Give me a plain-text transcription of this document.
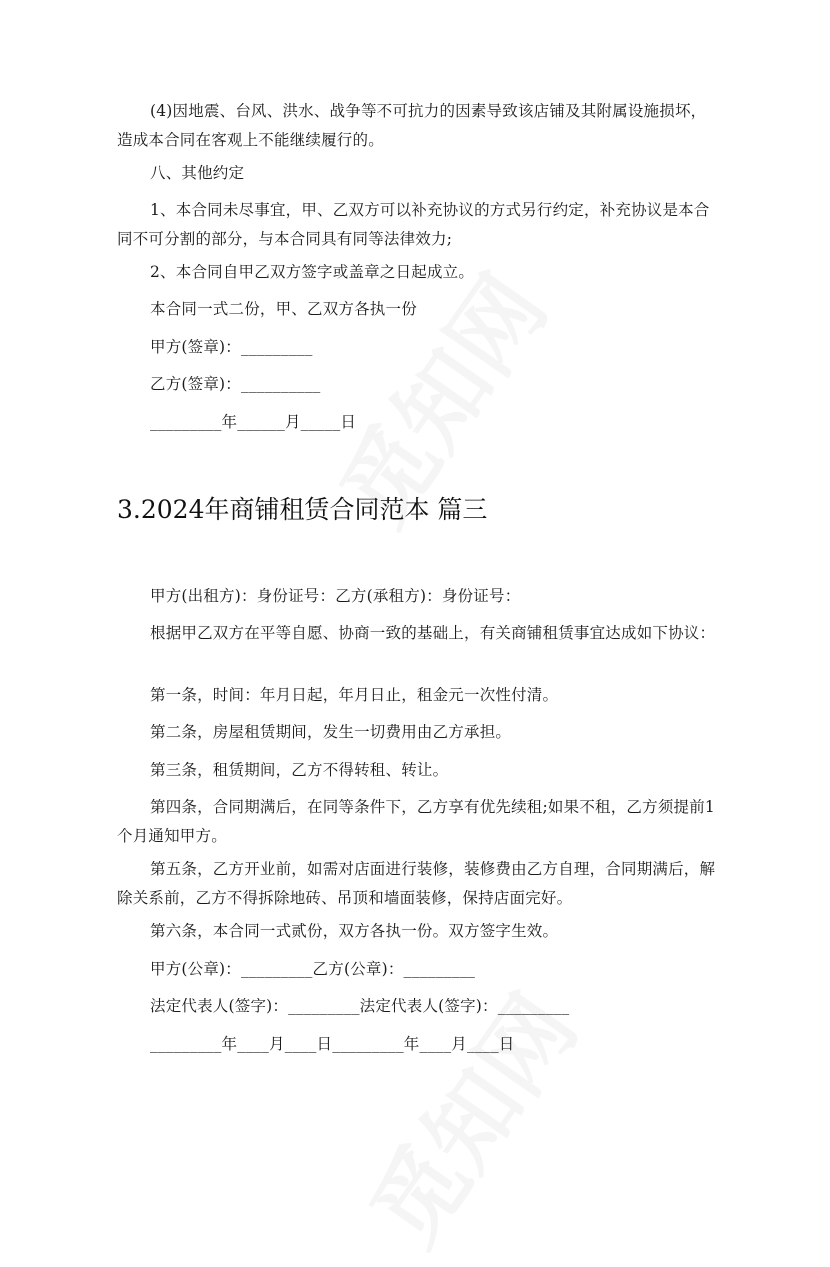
(4)因地震、台风、洪水、战争等不可抗力的因素导致该店铺及其附属设施损坏，造成本合同在客观上不能继续履行的。

八、其他约定

1、本合同未尽事宜，甲、乙双方可以补充协议的方式另行约定，补充协议是本合同不可分割的部分，与本合同具有同等法律效力;

2、本合同自甲乙双方签字或盖章之日起成立。

本合同一式二份，甲、乙双方各执一份

甲方(签章)：_________

乙方(签章)：__________

_________年______月_____日

3.2024年商铺租赁合同范本 篇三

甲方(出租方)：身份证号：乙方(承租方)：身份证号：

根据甲乙双方在平等自愿、协商一致的基础上，有关商铺租赁事宜达成如下协议：

第一条，时间：年月日起，年月日止，租金元一次性付清。

第二条，房屋租赁期间，发生一切费用由乙方承担。

第三条，租赁期间，乙方不得转租、转让。

第四条，合同期满后，在同等条件下，乙方享有优先续租;如果不租，乙方须提前1个月通知甲方。

第五条，乙方开业前，如需对店面进行装修，装修费由乙方自理，合同期满后，解除关系前，乙方不得拆除地砖、吊顶和墙面装修，保持店面完好。

第六条，本合同一式贰份，双方各执一份。双方签字生效。

甲方(公章)：_________乙方(公章)：_________

法定代表人(签字)：_________法定代表人(签字)：_________

_________年____月____日_________年____月____日
